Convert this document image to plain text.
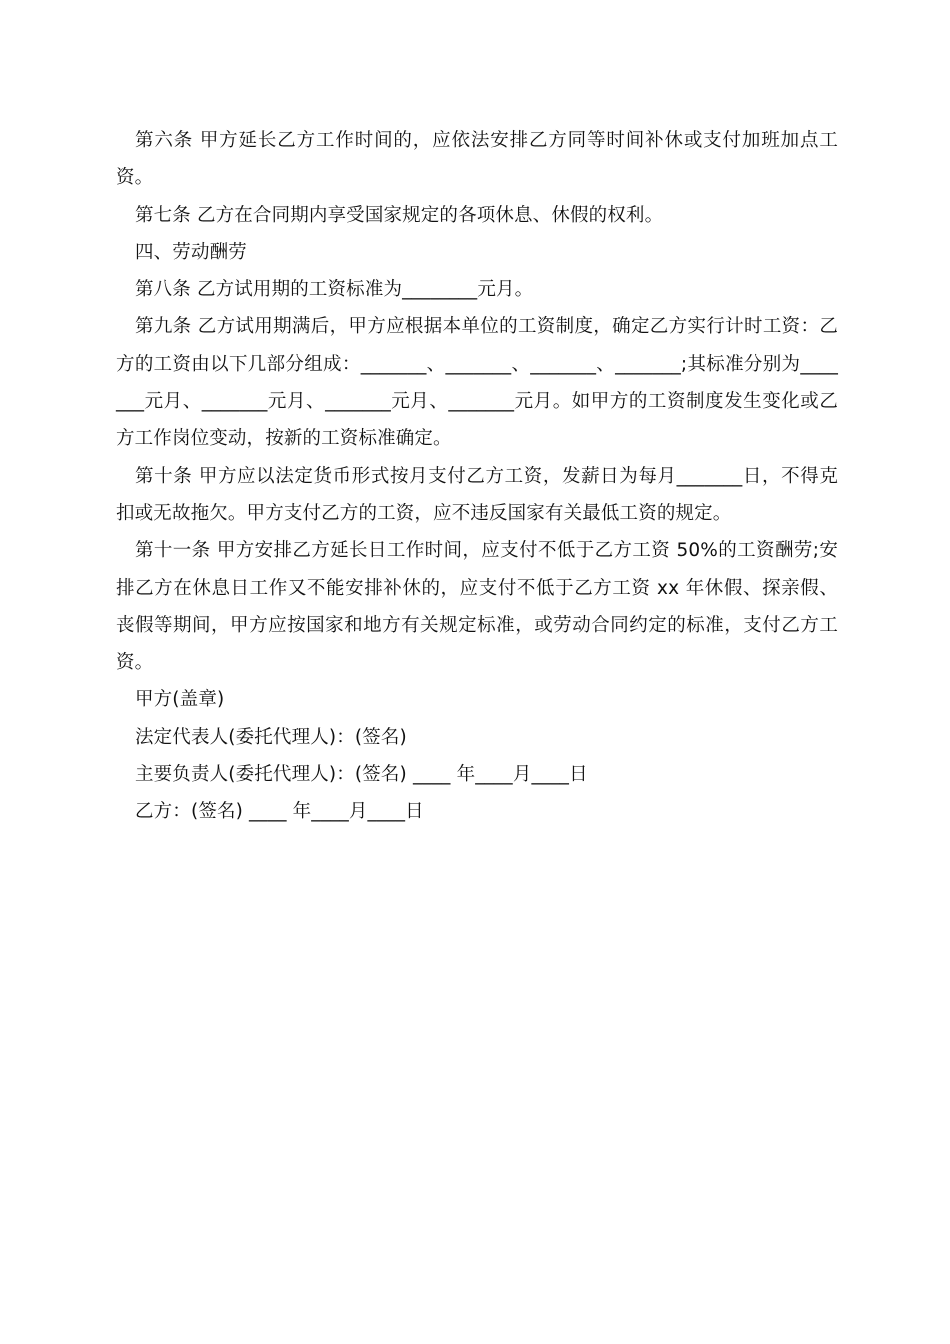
第六条 甲方延长乙方工作时间的，应依法安排乙方同等时间补休或支付加班加点工资。

第七条 乙方在合同期内享受国家规定的各项休息、休假的权利。

四、劳动酬劳

第八条 乙方试用期的工资标准为________元月。

第九条 乙方试用期满后，甲方应根据本单位的工资制度，确定乙方实行计时工资：乙方的工资由以下几部分组成：_______、_______、_______、_______;其标准分别为_______元月、_______元月、_______元月、_______元月。如甲方的工资制度发生变化或乙方工作岗位变动，按新的工资标准确定。

第十条 甲方应以法定货币形式按月支付乙方工资，发薪日为每月_______日，不得克扣或无故拖欠。甲方支付乙方的工资，应不违反国家有关最低工资的规定。

第十一条 甲方安排乙方延长日工作时间，应支付不低于乙方工资 50%的工资酬劳;安排乙方在休息日工作又不能安排补休的，应支付不低于乙方工资 xx 年休假、探亲假、丧假等期间，甲方应按国家和地方有关规定标准，或劳动合同约定的标准，支付乙方工资。

甲方(盖章)

法定代表人(委托代理人)：(签名)

主要负责人(委托代理人)：(签名) ____ 年____月____日

乙方：(签名) ____ 年____月____日
